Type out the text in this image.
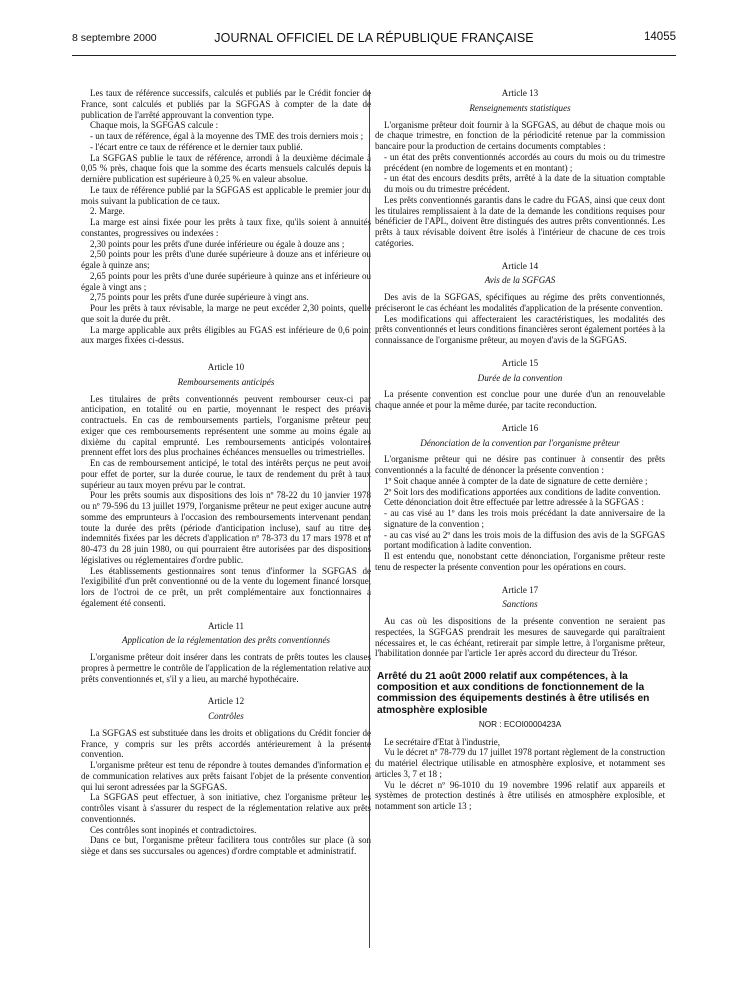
8 septembre 2000	JOURNAL OFFICIEL DE LA RÉPUBLIQUE FRANÇAISE	14055

Les taux de référence successifs, calculés et publiés par le Crédit foncier de France, sont calculés et publiés par la SGFGAS à compter de la date de publication de l'arrêté approuvant la convention type.

Chaque mois, la SGFGAS calcule :

- un taux de référence, égal à la moyenne des TME des trois derniers mois ;

- l'écart entre ce taux de référence et le dernier taux publié.

La SGFGAS publie le taux de référence, arrondi à la deuxième décimale à 0,05 % près, chaque fois que la somme des écarts mensuels calculés depuis la dernière publication est supérieure à 0,25 % en valeur absolue.

Le taux de référence publié par la SGFGAS est applicable le premier jour du mois suivant la publication de ce taux.

2. Marge.

La marge est ainsi fixée pour les prêts à taux fixe, qu'ils soient à annuités constantes, progressives ou indexées :

2,30 points pour les prêts d'une durée inférieure ou égale à douze ans ;

2,50 points pour les prêts d'une durée supérieure à douze ans et inférieure ou égale à quinze ans;

2,65 points pour les prêts d'une durée supérieure à quinze ans et inférieure ou égale à vingt ans ;

2,75 points pour les prêts d'une durée supérieure à vingt ans.

Pour les prêts à taux révisable, la marge ne peut excéder 2,30 points, quelle que soit la durée du prêt.

La marge applicable aux prêts éligibles au FGAS est inférieure de 0,6 point aux marges fixées ci-dessus.

Article 10
Remboursements anticipés

Les titulaires de prêts conventionnés peuvent rembourser ceux-ci par anticipation, en totalité ou en partie, moyennant le respect des préavis contractuels. En cas de remboursements partiels, l'organisme prêteur peut exiger que ces remboursements représentent une somme au moins égale au dixième du capital emprunté. Les remboursements anticipés volontaires prennent effet lors des plus prochaines échéances mensuelles ou trimestrielles.

En cas de remboursement anticipé, le total des intérêts perçus ne peut avoir pour effet de porter, sur la durée courue, le taux de rendement du prêt à taux supérieur au taux moyen prévu par le contrat.

Pour les prêts soumis aux dispositions des lois nº 78-22 du 10 janvier 1978 ou nº 79-596 du 13 juillet 1979, l'organisme prêteur ne peut exiger aucune autre somme des emprunteurs à l'occasion des remboursements intervenant pendant toute la durée des prêts (période d'anticipation incluse), sauf au titre des indemnités fixées par les décrets d'application nº 78-373 du 17 mars 1978 et nº 80-473 du 28 juin 1980, ou qui pourraient être autorisées par des dispositions législatives ou réglementaires d'ordre public.

Les établissements gestionnaires sont tenus d'informer la SGFGAS de l'exigibilité d'un prêt conventionné ou de la vente du logement financé lorsque, lors de l'octroi de ce prêt, un prêt complémentaire aux fonctionnaires a également été consenti.

Article 11
Application de la réglementation des prêts conventionnés

L'organisme prêteur doit insérer dans les contrats de prêts toutes les clauses propres à permettre le contrôle de l'application de la réglementation relative aux prêts conventionnés et, s'il y a lieu, au marché hypothécaire.

Article 12
Contrôles

La SGFGAS est substituée dans les droits et obligations du Crédit foncier de France, y compris sur les prêts accordés antérieurement à la présente convention.

L'organisme prêteur est tenu de répondre à toutes demandes d'information et de communication relatives aux prêts faisant l'objet de la présente convention qui lui seront adressées par la SGFGAS.

La SGFGAS peut effectuer, à son initiative, chez l'organisme prêteur les contrôles visant à s'assurer du respect de la réglementation relative aux prêts conventionnés.

Ces contrôles sont inopinés et contradictoires.

Dans ce but, l'organisme prêteur facilitera tous contrôles sur place (à son siège et dans ses succursales ou agences) d'ordre comptable et administratif.

Article 13
Renseignements statistiques

L'organisme prêteur doit fournir à la SGFGAS, au début de chaque mois ou de chaque trimestre, en fonction de la périodicité retenue par la commission bancaire pour la production de certains documents comptables :

- un état des prêts conventionnés accordés au cours du mois ou du trimestre précédent (en nombre de logements et en montant) ;

- un état des encours desdits prêts, arrêté à la date de la situation comptable du mois ou du trimestre précédent.

Les prêts conventionnés garantis dans le cadre du FGAS, ainsi que ceux dont les titulaires remplissaient à la date de la demande les conditions requises pour bénéficier de l'APL, doivent être distingués des autres prêts conventionnés. Les prêts à taux révisable doivent être isolés à l'intérieur de chacune de ces trois catégories.

Article 14
Avis de la SGFGAS

Des avis de la SGFGAS, spécifiques au régime des prêts conventionnés, préciseront le cas échéant les modalités d'application de la présente convention.

Les modifications qui affecteraient les caractéristiques, les modalités des prêts conventionnés et leurs conditions financières seront également portées à la connaissance de l'organisme prêteur, au moyen d'avis de la SGFGAS.

Article 15
Durée de la convention

La présente convention est conclue pour une durée d'un an renouvelable chaque année et pour la même durée, par tacite reconduction.

Article 16
Dénonciation de la convention par l'organisme prêteur

L'organisme prêteur qui ne désire pas continuer à consentir des prêts conventionnés a la faculté de dénoncer la présente convention :

1º Soit chaque année à compter de la date de signature de cette dernière ;

2º Soit lors des modifications apportées aux conditions de ladite convention.

Cette dénonciation doit être effectuée par lettre adressée à la SGFGAS :

- au cas visé au 1º dans les trois mois précédant la date anniversaire de la signature de la convention ;

- au cas visé au 2º dans les trois mois de la diffusion des avis de la SGFGAS portant modification à ladite convention.

Il est entendu que, nonobstant cette dénonciation, l'organisme prêteur reste tenu de respecter la présente convention pour les opérations en cours.

Article 17
Sanctions

Au cas où les dispositions de la présente convention ne seraient pas respectées, la SGFGAS prendrait les mesures de sauvegarde qui paraîtraient nécessaires et, le cas échéant, retirerait par simple lettre, à l'organisme prêteur, l'habilitation donnée par l'article 1er après accord du directeur du Trésor.

Arrêté du 21 août 2000 relatif aux compétences, à la composition et aux conditions de fonctionnement de la commission des équipements destinés à être utilisés en atmosphère explosible
NOR : ECOI0000423A

Le secrétaire d'Etat à l'industrie,

Vu le décret nº 78-779 du 17 juillet 1978 portant règlement de la construction du matériel électrique utilisable en atmosphère explosive, et notamment ses articles 3, 7 et 18 ;

Vu le décret nº 96-1010 du 19 novembre 1996 relatif aux appareils et systèmes de protection destinés à être utilisés en atmosphère explosible, et notamment son article 13 ;
